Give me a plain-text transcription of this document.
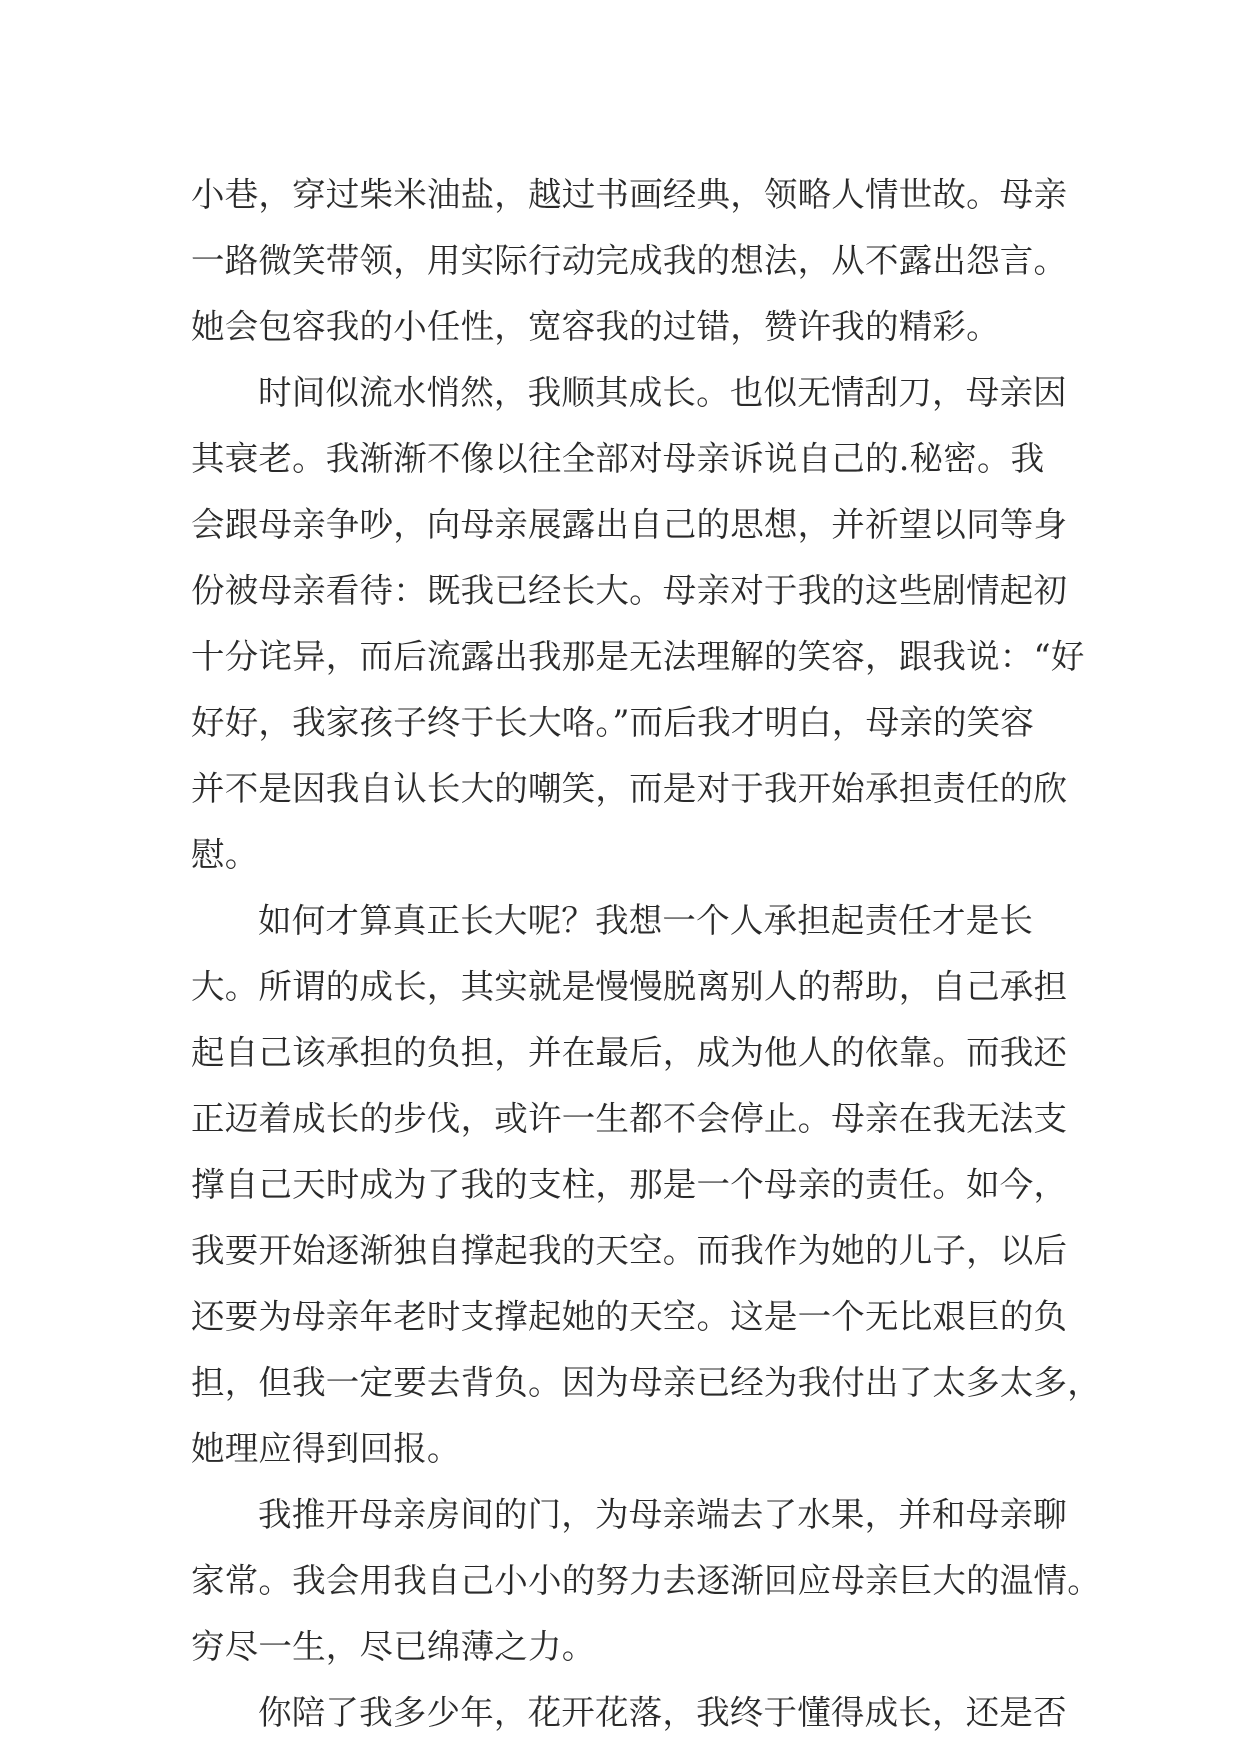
小巷，穿过柴米油盐，越过书画经典，领略人情世故。母亲
一路微笑带领，用实际行动完成我的想法，从不露出怨言。
她会包容我的小任性，宽容我的过错，赞许我的精彩。
时间似流水悄然，我顺其成长。也似无情刮刀，母亲因
其衰老。我渐渐不像以往全部对母亲诉说自己的.秘密。我
会跟母亲争吵，向母亲展露出自己的思想，并祈望以同等身
份被母亲看待：既我已经长大。母亲对于我的这些剧情起初
十分诧异，而后流露出我那是无法理解的笑容，跟我说：“好
好好，我家孩子终于长大咯。”而后我才明白，母亲的笑容
并不是因我自认长大的嘲笑，而是对于我开始承担责任的欣
慰。
如何才算真正长大呢？我想一个人承担起责任才是长
大。所谓的成长，其实就是慢慢脱离别人的帮助，自己承担
起自己该承担的负担，并在最后，成为他人的依靠。而我还
正迈着成长的步伐，或许一生都不会停止。母亲在我无法支
撑自己天时成为了我的支柱，那是一个母亲的责任。如今，
我要开始逐渐独自撑起我的天空。而我作为她的儿子，以后
还要为母亲年老时支撑起她的天空。这是一个无比艰巨的负
担，但我一定要去背负。因为母亲已经为我付出了太多太多，
她理应得到回报。
我推开母亲房间的门，为母亲端去了水果，并和母亲聊
家常。我会用我自己小小的努力去逐渐回应母亲巨大的温情。
穷尽一生，尽已绵薄之力。
你陪了我多少年，花开花落，我终于懂得成长，还是否
